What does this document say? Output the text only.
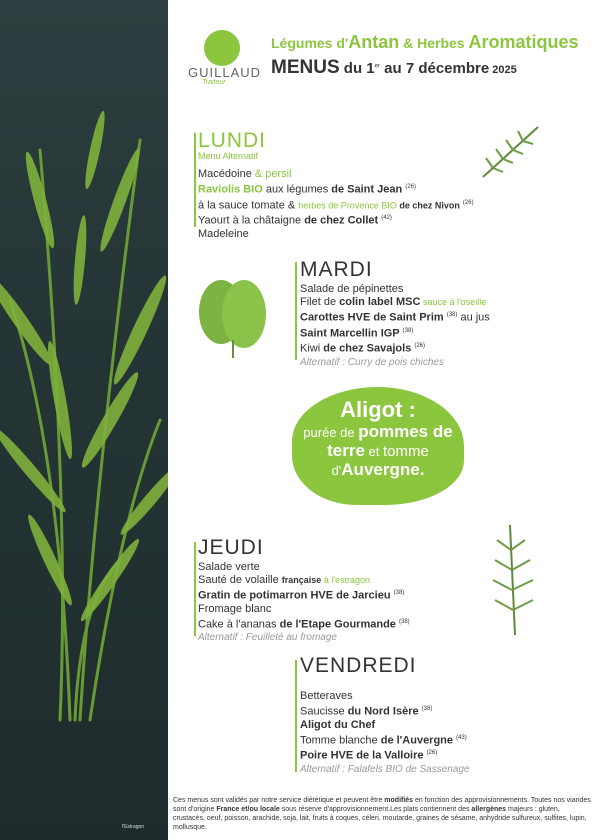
l'Estragon
GUILLAUD
Traiteur
Légumes d'Antan & Herbes Aromatiques
MENUS du 1er au 7 décembre 2025
LUNDI
Menu Alternatif
Macédoine & persil
Raviolis BIO aux légumes de Saint Jean $^{(26)}$
à la sauce tomate & herbes de Provence BIO de chez Nivon $^{(26)}$
Yaourt à la châtaigne de chez Collet $^{(42)}$
Madeleine
MARDI
Salade de pépinettes
Filet de colin label MSC sauce à l'oseille
Carottes HVE de Saint Prim $^{(38)}$ au jus
Saint Marcellin IGP $^{(38)}$
Kiwi de chez Savajols $^{(26)}$
Alternatif : Curry de pois chiches
Aligot :
purée de pommes de
terre et tomme
d'Auvergne.
JEUDI
Salade verte
Sauté de volaille française à l'estragon
Gratin de potimarron HVE de Jarcieu $^{(38)}$
Fromage blanc
Cake à l'ananas de l'Etape Gourmande $^{(38)}$
Alternatif : Feuilleté au fromage
VENDREDI
Betteraves
Saucisse du Nord Isère $^{(38)}$
Aligot du Chef
Tomme blanche de l'Auvergne $^{(43)}$
Poire HVE de la Valloire $^{(26)}$
Alternatif : Falafels BIO de Sassenage
Ces menus sont validés par notre service diététique et peuvent être modifiés en fonction des approvisionnements. Toutes nos viandes sont d'origine France et/ou locale sous réserve d'approvisionnement.Les plats contiennent des allergènes majeurs : gluten, crustacés, oeuf, poisson, arachide, soja, lait, fruits à coques, céleri, moutarde, graines de sésame, anhydride sulfureux, sulfites, lupin, mollusque.
